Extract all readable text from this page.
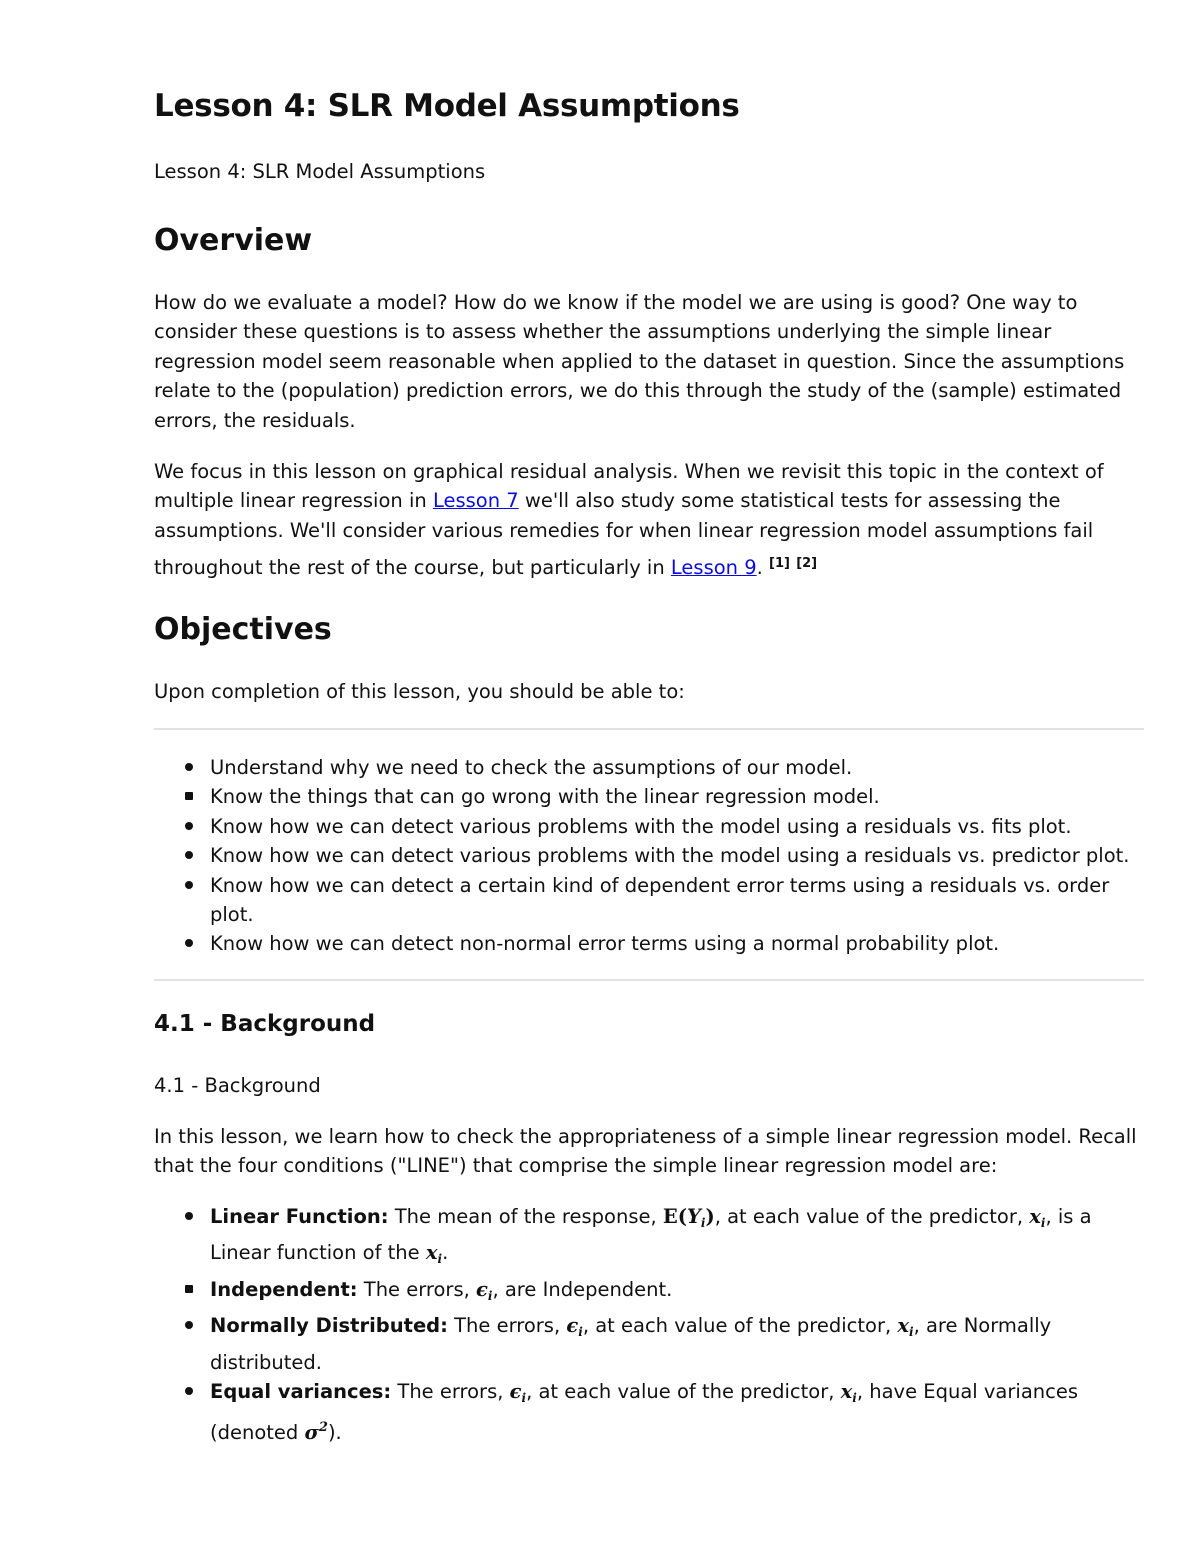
Lesson 4: SLR Model Assumptions
Lesson 4: SLR Model Assumptions
Overview
How do we evaluate a model? How do we know if the model we are using is good? One way to
consider these questions is to assess whether the assumptions underlying the simple linear
regression model seem reasonable when applied to the dataset in question. Since the assumptions
relate to the (population) prediction errors, we do this through the study of the (sample) estimated
errors, the residuals.
We focus in this lesson on graphical residual analysis. When we revisit this topic in the context of
multiple linear regression in Lesson 7 we'll also study some statistical tests for assessing the
assumptions. We'll consider various remedies for when linear regression model assumptions fail
throughout the rest of the course, but particularly in Lesson 9. [1] [2]
Objectives
Upon completion of this lesson, you should be able to:
Understand why we need to check the assumptions of our model.
Know the things that can go wrong with the linear regression model.
Know how we can detect various problems with the model using a residuals vs. fits plot.
Know how we can detect various problems with the model using a residuals vs. predictor plot.
Know how we can detect a certain kind of dependent error terms using a residuals vs. order
plot.
Know how we can detect non-normal error terms using a normal probability plot.
4.1 - Background
4.1 - Background
In this lesson, we learn how to check the appropriateness of a simple linear regression model. Recall
that the four conditions ("LINE") that comprise the simple linear regression model are:
Linear Function: The mean of the response, $E(Y_i)$, at each value of the predictor, $x_i$, is a
Linear function of the $x_i$.
Independent: The errors, $\epsilon_i$, are Independent.
Normally Distributed: The errors, $\epsilon_i$, at each value of the predictor, $x_i$, are Normally
distributed.
Equal variances: The errors, $\epsilon_i$, at each value of the predictor, $x_i$, have Equal variances
(denoted $\sigma^2$).
